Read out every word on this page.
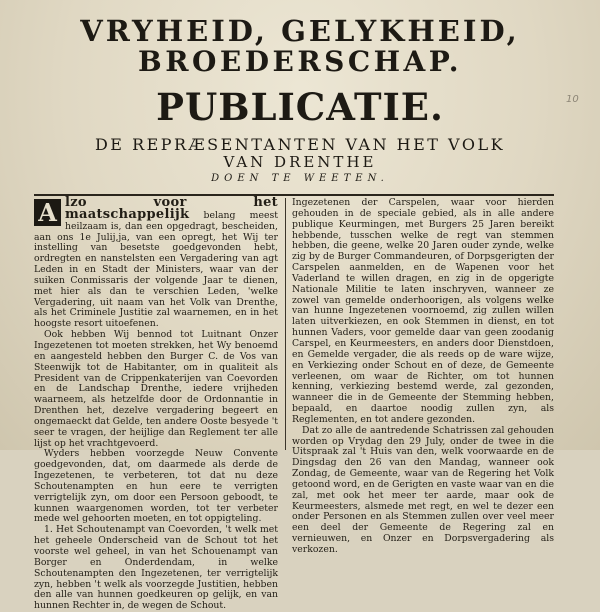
VRYHEID, GELYKHEID,
BROEDERSCHAP.
PUBLICATIE.
DE REPRÆSENTANTEN VAN HET VOLK
VAN DRENTHE
DOEN TE WEETEN.
10

A lzo voor het maatschappelijk belang meest heilzaam is, dan een opgedragt, bescheiden, aan ons 1e Julij,ja, van een opregt, het Wij ter instelling van besetste goedgevonden hebt, ordregten en nanstelsten een Vergadering van agt Leden in en Stadt der Ministers, waar van der suiken Conmissaris der volgende Jaar te dienen, met hier als dan te verschien Leden, 'welke Vergadering, uit naam van het Volk van Drenthe, als het Criminele Justitie zal waarnemen, en in het hoogste resort uitoefenen.

Ook hebben Wij bennod tot Luitnant Onzer Ingezetenen tot moeten strekken, het Wy benoemd en aangesteld hebben den Burger C. de Vos van Steenwijk tot de Habitanter, om in qualiteit als President van de Crippenkaterijen van Coevorden en de Landschap Drenthe, iedere vrijheden waarneem, als hetzelfde door de Ordonnantie in Drenthen het, dezelve vergadering begeert en ongemaeckt dat Gelde, ten andere Ooste besyede 't seer te vragen, der heijlige dan Reglement ter alle lijst op het vrachtgevoerd.

Wyders hebben voorzegde Neuw Convente goedgevonden, dat, om daarmede als derde de Ingezetenen, te verbeteren, tot dat nu deze Schoutenampten en hun eere te verrigten verrigtelijk zyn, om door een Persoon geboodt, te kunnen waargenomen worden, tot ter verbeter mede wel gehoorten moeten, en tot oppigteling.

1. Het Schoutenampt van Coevorden, 't welk met het geheele Onderscheid van de Schout tot het voorste wel geheel, in van het Schouenampt van Borger en Onderdendam, in welke Schoutenampten den Ingezetenen, ter verrigtelijk zyn, hebben 't welk als voorzegde Justitien, hebben den alle van hunnen goedkeuren op gelijk, en van hunnen Rechter in, de wegen de Schout.

Ingezetenen der Carspelen, waar voor hierden gehouden in de speciale gebied, als in alle andere publique Keurmingen, met Burgers 25 Jaren bereikt hebbende, tusschen welke de regt van stemmen hebben, die geene, welke 20 Jaren ouder zynde, welke zig by de Burger Commandeuren, of Dorpsgerigten der Carspelen aanmelden, en de Wapenen voor het Vaderland te willen dragen, en zig in de opgerigte Nationale Militie te laten inschryven, wanneer ze zowel van gemelde onderhoorigen, als volgens welke van hunne Ingezetenen voornoemd, zig zullen willen laten uitverkiezen, en ook Stemmen in dienst, en tot hunnen Vaders, voor gemelde daar van geen zoodanig Carspel, en Keurmeesters, en anders door Dienstdoen, en Gemelde vergader, die als reeds op de ware wijze, en Verkiezing onder Schout en of deze, de Gemeente verleenen, om waar de Richter, om tot hunnen kenning, verkiezing bestemd werde, zal gezonden, wanneer die in de Gemeente der Stemming hebben, bepaald, en daartoe noodig zullen zyn, als Reglementen, en tot andere gezonden.

Dat zo alle de aantredende Schatrissen zal gehouden worden op Vrydag den 29 July, onder de twee in die Uitspraak zal 't Huis van den, welk voorwaarde en de Dingsdag den 26 van den Mandag, wanneer ook Zondag, de Gemeente, waar van de Regering het Volk getoond word, en de Gerigten en vaste waar van en die zal, met ook het meer ter aarde, maar ook de Keurmeesters, alsmede met regt, en wel te dezer een onder Personen en als Stemmen zullen over veel meer een deel der Gemeente de Regering zal en vernieuwen, en Onzer en Dorpsvergadering als verkozen.
